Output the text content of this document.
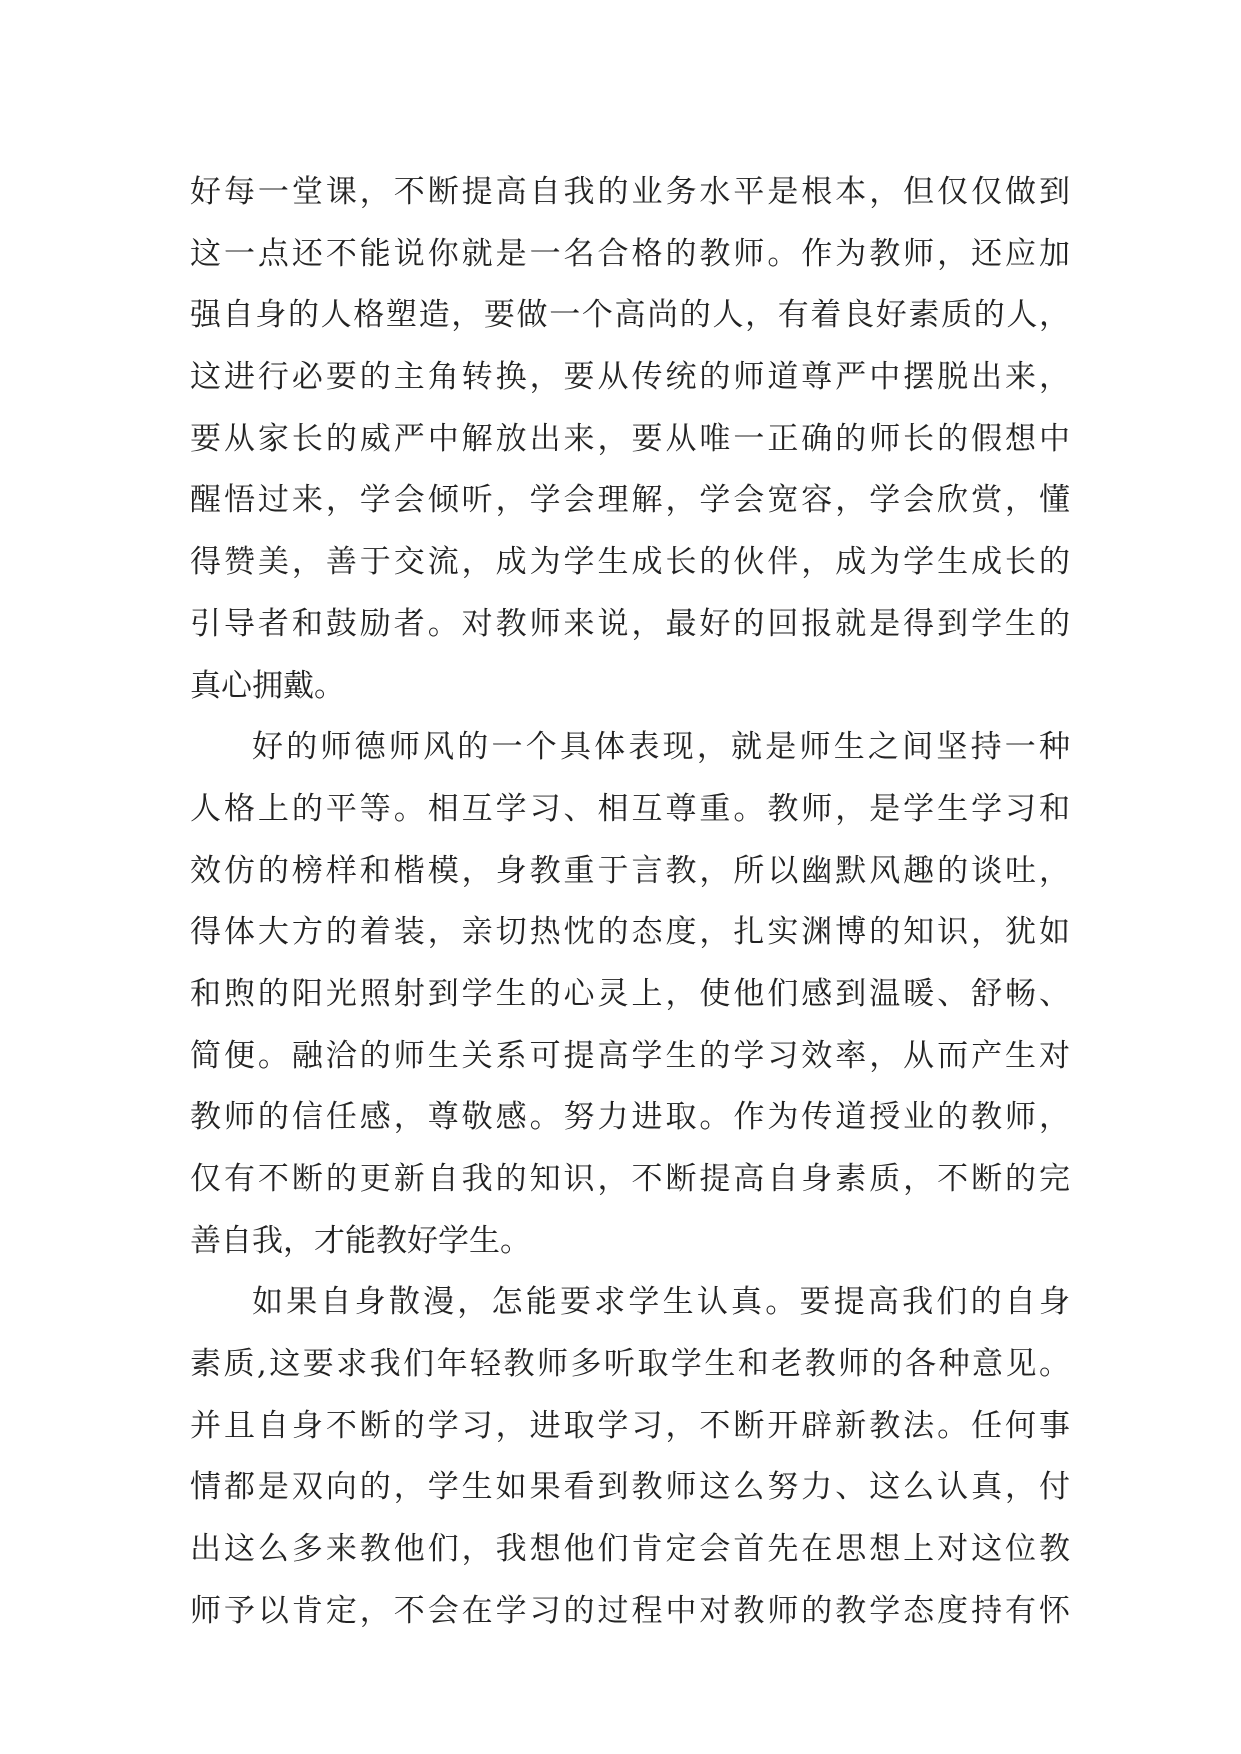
好每一堂课，不断提高自我的业务水平是根本，但仅仅做到
这一点还不能说你就是一名合格的教师。作为教师，还应加
强自身的人格塑造，要做一个高尚的人，有着良好素质的人，
这进行必要的主角转换，要从传统的师道尊严中摆脱出来，
要从家长的威严中解放出来，要从唯一正确的师长的假想中
醒悟过来，学会倾听，学会理解，学会宽容，学会欣赏，懂
得赞美，善于交流，成为学生成长的伙伴，成为学生成长的
引导者和鼓励者。对教师来说，最好的回报就是得到学生的
真心拥戴。
好的师德师风的一个具体表现，就是师生之间坚持一种
人格上的平等。相互学习、相互尊重。教师，是学生学习和
效仿的榜样和楷模，身教重于言教，所以幽默风趣的谈吐，
得体大方的着装，亲切热忱的态度，扎实渊博的知识，犹如
和煦的阳光照射到学生的心灵上，使他们感到温暖、舒畅、
简便。融洽的师生关系可提高学生的学习效率，从而产生对
教师的信任感，尊敬感。努力进取。作为传道授业的教师，
仅有不断的更新自我的知识，不断提高自身素质，不断的完
善自我，才能教好学生。
如果自身散漫，怎能要求学生认真。要提高我们的自身
素质,这要求我们年轻教师多听取学生和老教师的各种意见。
并且自身不断的学习，进取学习，不断开辟新教法。任何事
情都是双向的，学生如果看到教师这么努力、这么认真，付
出这么多来教他们，我想他们肯定会首先在思想上对这位教
师予以肯定，不会在学习的过程中对教师的教学态度持有怀
